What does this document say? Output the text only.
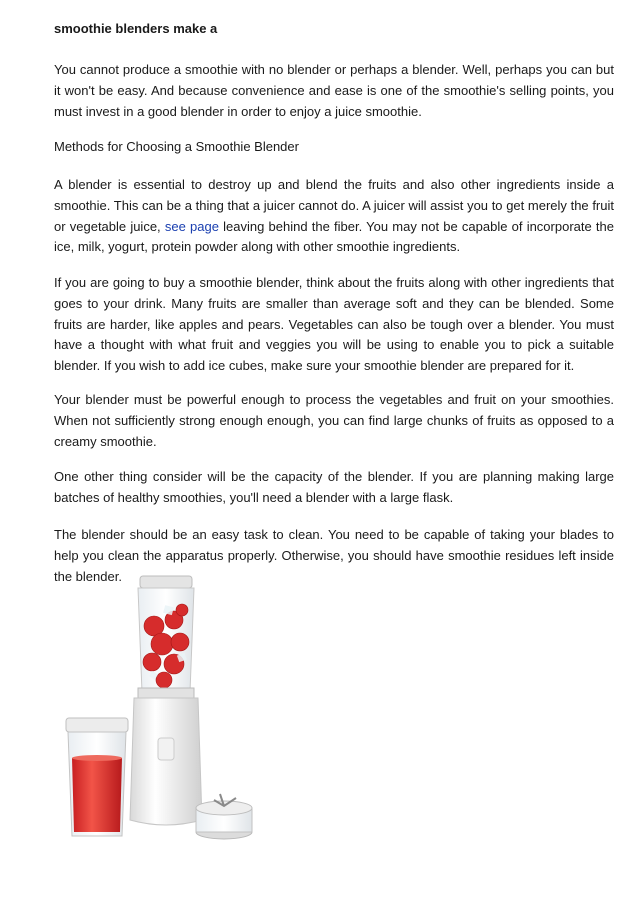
smoothie blenders make a

You cannot produce a smoothie with no blender or perhaps a blender. Well, perhaps you can but it won't be easy. And because convenience and ease is one of the smoothie's selling points, you must invest in a good blender in order to enjoy a juice smoothie.

Methods for Choosing a Smoothie Blender

A blender is essential to destroy up and blend the fruits and also other ingredients inside a smoothie. This can be a thing that a juicer cannot do. A juicer will assist you to get merely the fruit or vegetable juice, see page leaving behind the fiber. You may not be capable of incorporate the ice, milk, yogurt, protein powder along with other smoothie ingredients.

If you are going to buy a smoothie blender, think about the fruits along with other ingredients that goes to your drink. Many fruits are smaller than average soft and they can be blended. Some fruits are harder, like apples and pears. Vegetables can also be tough over a blender. You must have a thought with what fruit and veggies you will be using to enable you to pick a suitable blender. If you wish to add ice cubes, make sure your smoothie blender are prepared for it.

Your blender must be powerful enough to process the vegetables and fruit on your smoothies. When not sufficiently strong enough enough, you can find large chunks of fruits as opposed to a creamy smoothie.

One other thing consider will be the capacity of the blender. If you are planning making large batches of healthy smoothies, you'll need a blender with a large flask.

The blender should be an easy task to clean. You need to be capable of taking your blades to help you clean the apparatus properly. Otherwise, you should have smoothie residues left inside the blender.
